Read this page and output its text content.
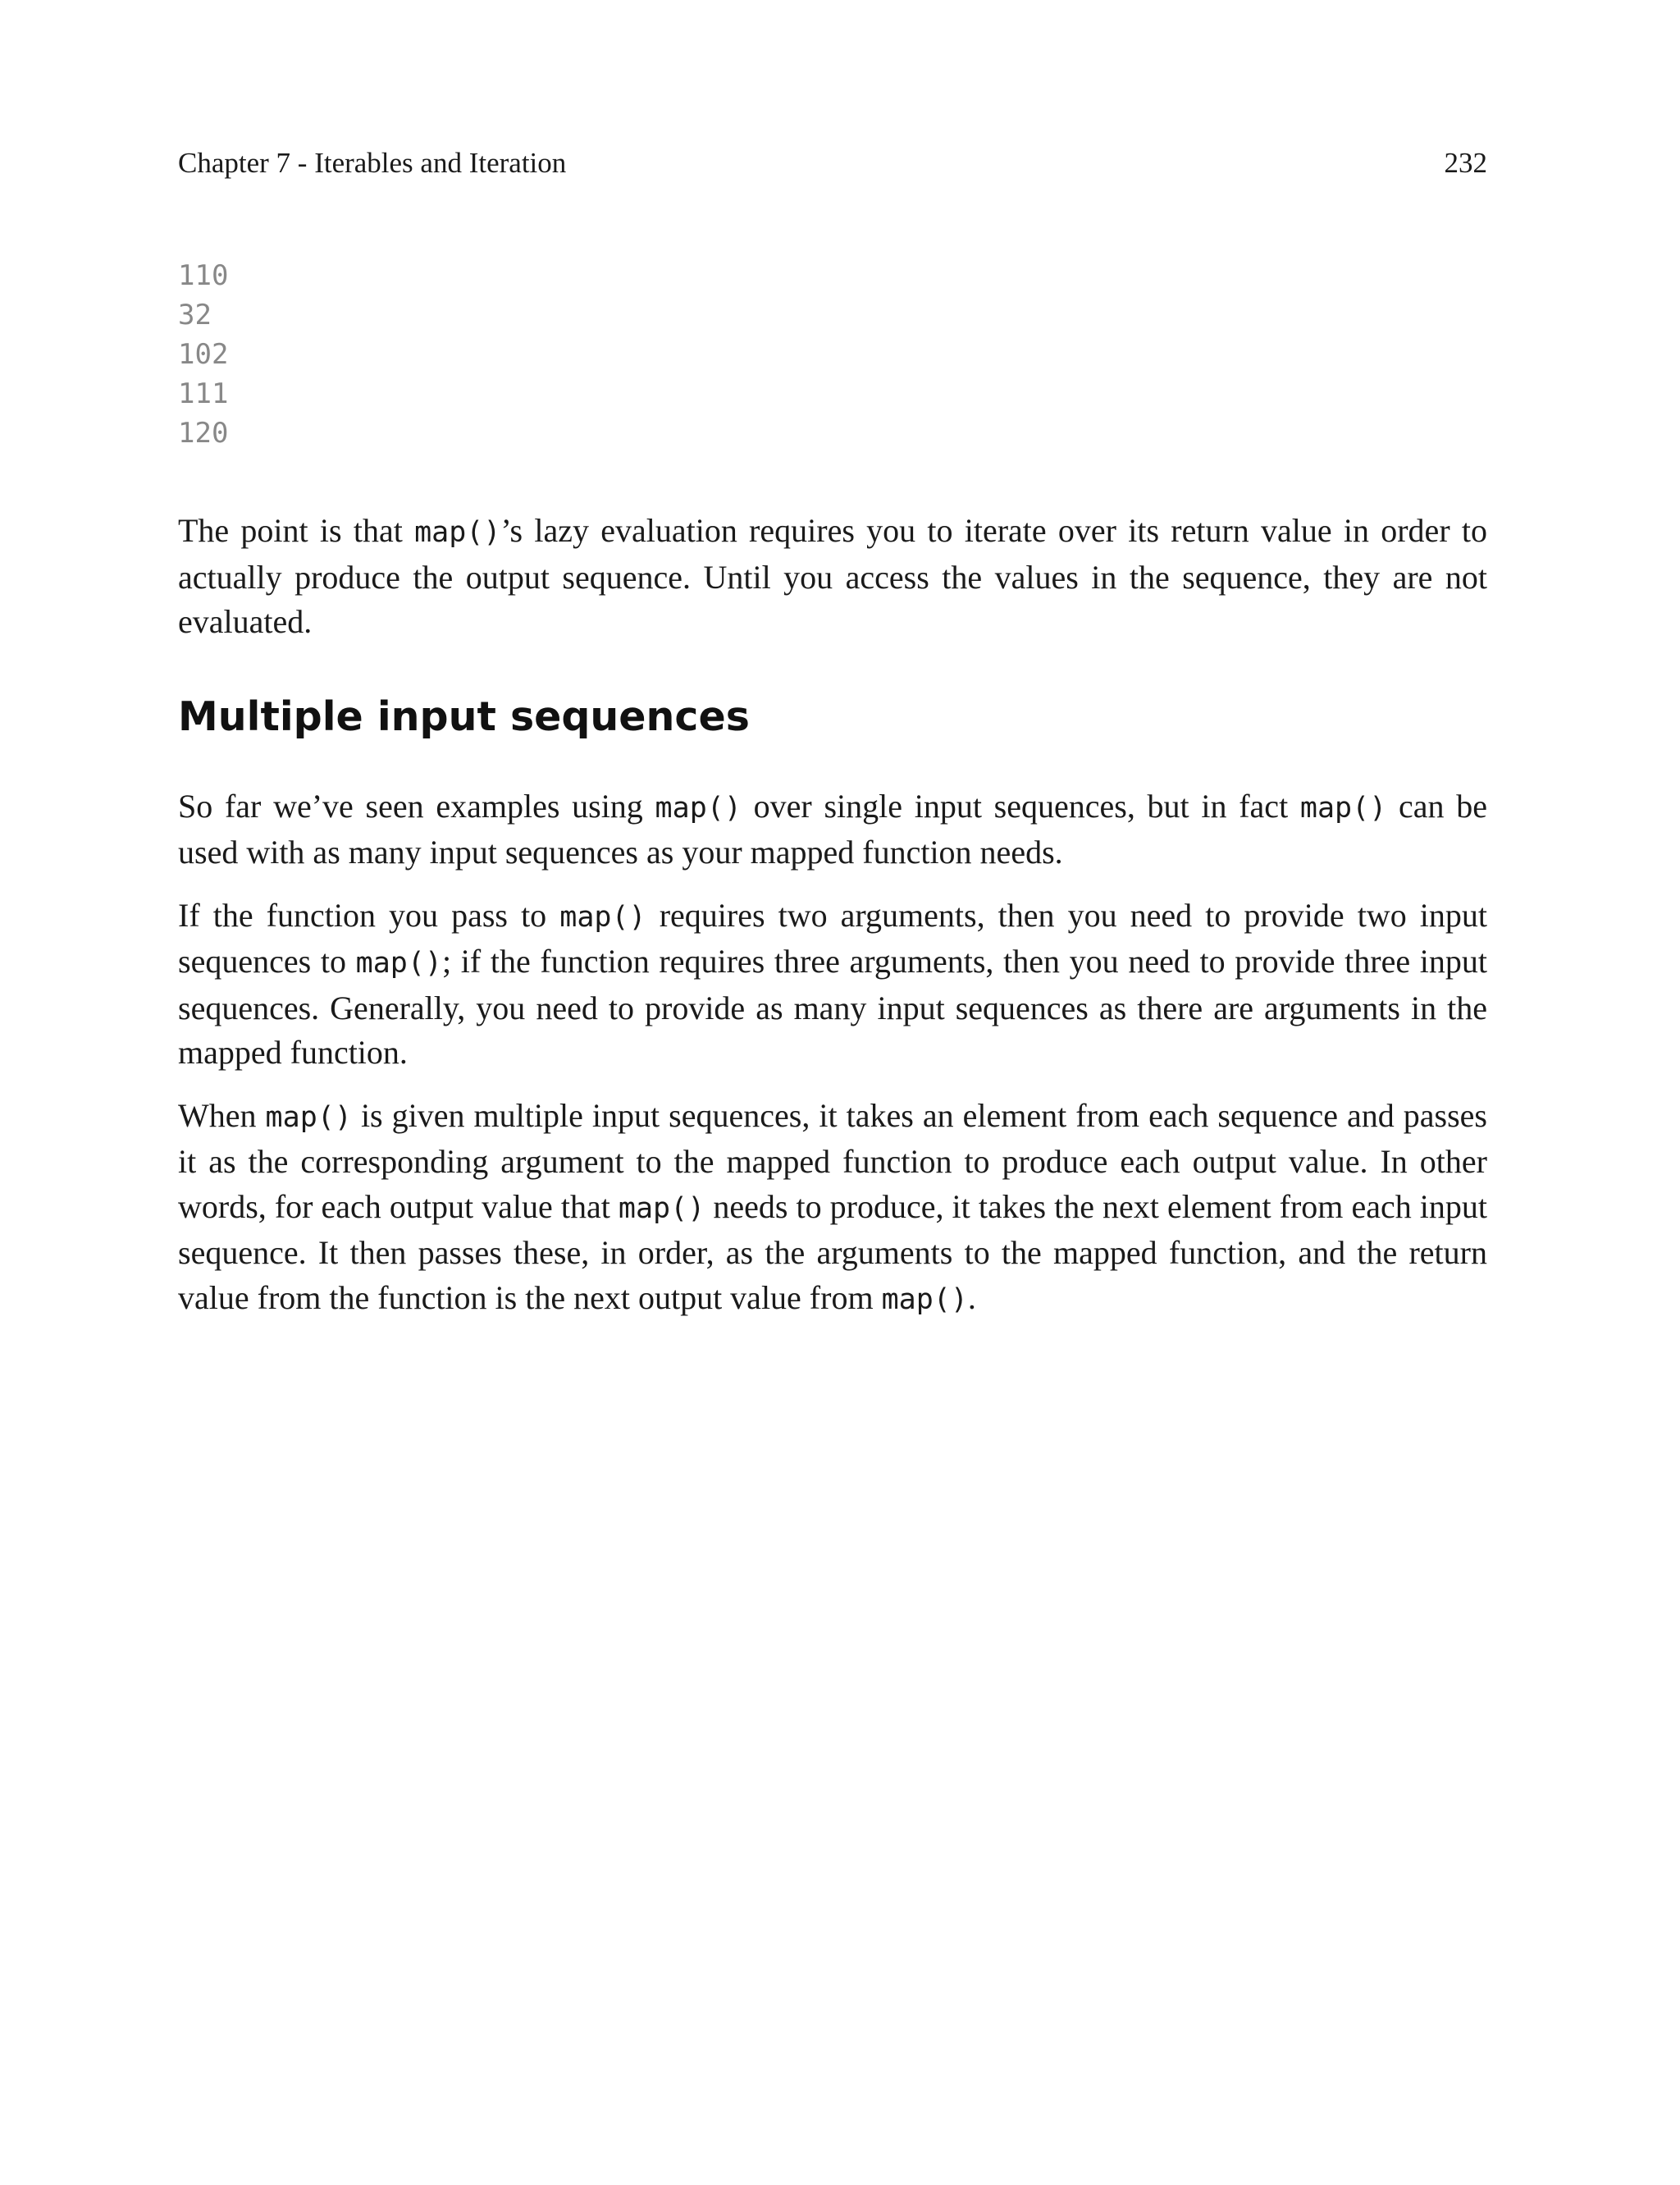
Chapter 7 - Iterables and Iteration	232
110
32
102
111
120

The point is that map()’s lazy evaluation requires you to iterate over its return value in order to actually produce the output sequence. Until you access the values in the sequence, they are not evaluated.

Multiple input sequences

So far we’ve seen examples using map() over single input sequences, but in fact map() can be used with as many input sequences as your mapped function needs.

If the function you pass to map() requires two arguments, then you need to provide two input sequences to map(); if the function requires three arguments, then you need to provide three input sequences. Generally, you need to provide as many input sequences as there are arguments in the mapped function.

When map() is given multiple input sequences, it takes an element from each sequence and passes it as the corresponding argument to the mapped function to produce each output value. In other words, for each output value that map() needs to produce, it takes the next element from each input sequence. It then passes these, in order, as the arguments to the mapped function, and the return value from the function is the next output value from map().
